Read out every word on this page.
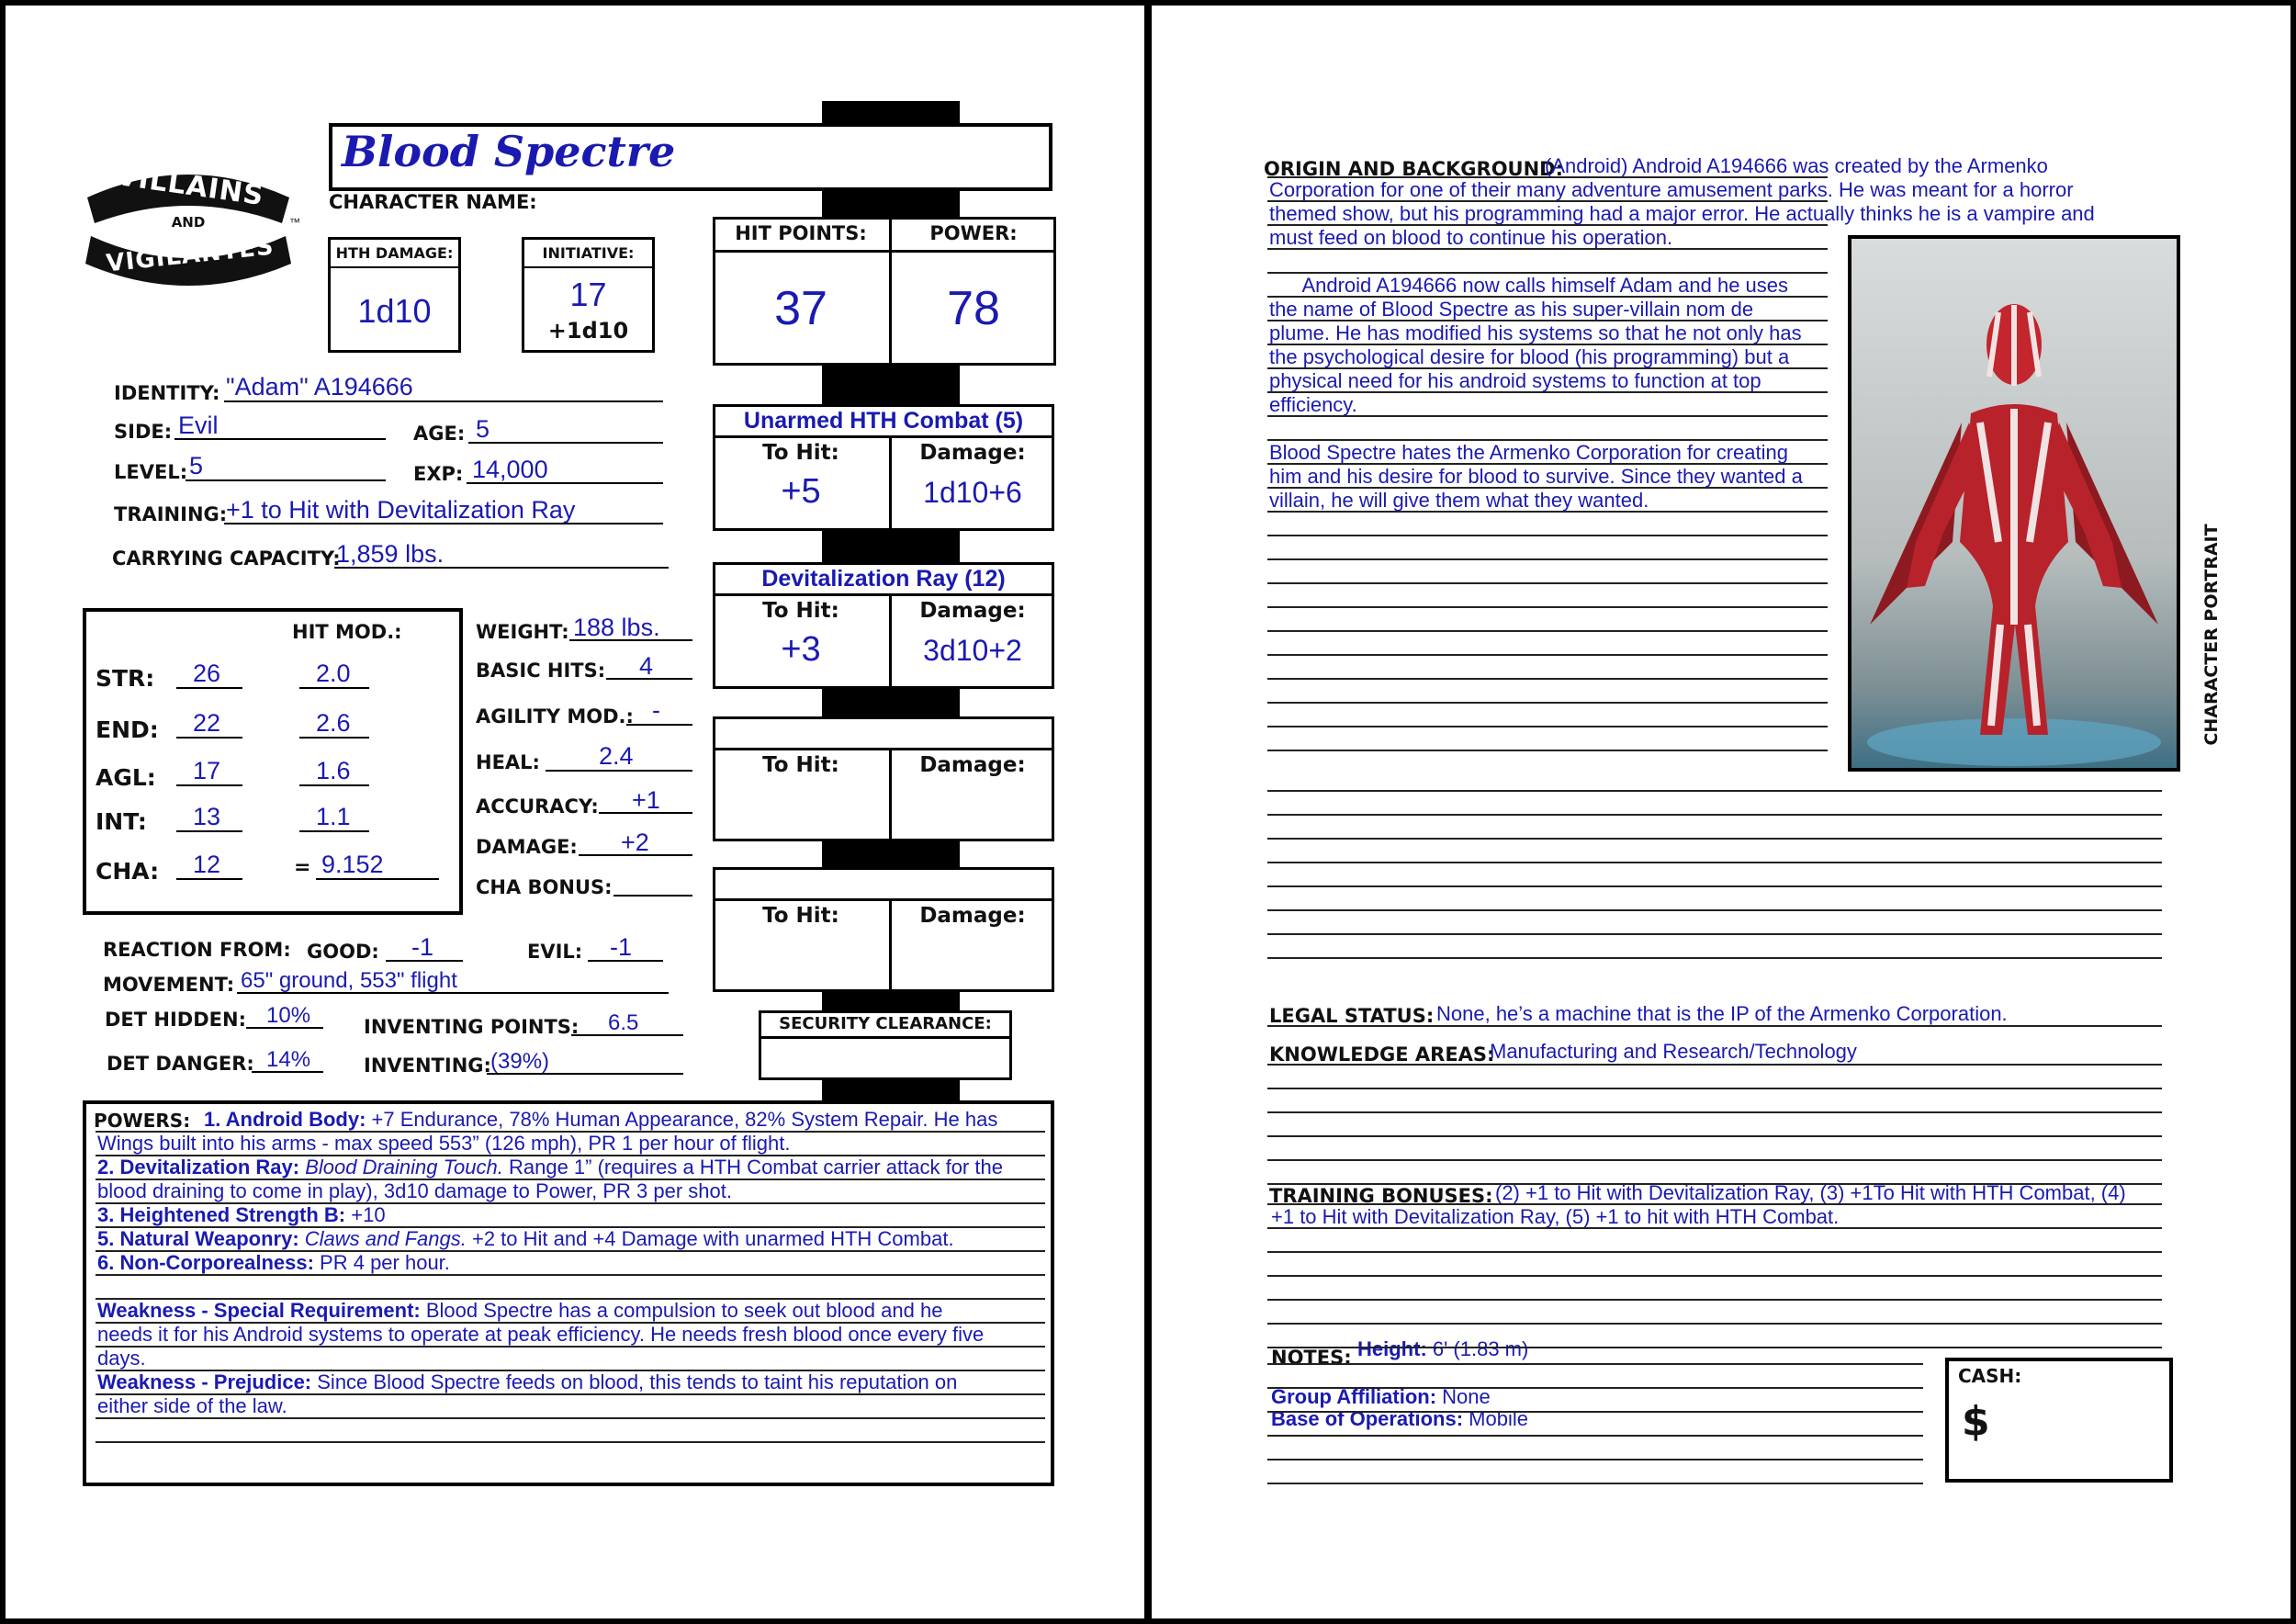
VILLAINS
AND
VIGILANTES
™
Blood Spectre
CHARACTER NAME:
HTH DAMAGE:
1d10
INITIATIVE:
17
+1d10
HIT POINTS:	POWER:
37	78
IDENTITY: "Adam" A194666
SIDE: Evil	AGE: 5
LEVEL: 5	EXP: 14,000
TRAINING:
+1 to Hit with Devitalization Ray
CARRYING CAPACITY:
1,859 lbs.
HIT MOD.:
STR: 26	2.0
END: 22	2.6
AGL: 17	1.6
INT: 13	1.1
CHA: 12	= 9.152
WEIGHT: 188 lbs.
BASIC HITS: 4
AGILITY MOD.: -
HEAL: 2.4
ACCURACY: +1
DAMAGE: +2
CHA BONUS:
REACTION FROM: GOOD: -1	EVIL: -1
MOVEMENT: 65" ground, 553" flight
DET HIDDEN: 10%	INVENTING POINTS: 6.5
DET DANGER: 14%	INVENTING: (39%)
Unarmed HTH Combat (5)
To Hit:	Damage:
+5	1d10+6
Devitalization Ray (12)
To Hit:	Damage:
+3	3d10+2
To Hit:	Damage:
To Hit:	Damage:
SECURITY CLEARANCE:
POWERS: 1. Android Body: +7 Endurance, 78% Human Appearance, 82% System Repair. He has
Wings built into his arms - max speed 553” (126 mph), PR 1 per hour of flight.
2. Devitalization Ray: Blood Draining Touch. Range 1” (requires a HTH Combat carrier attack for the
blood draining to come in play), 3d10 damage to Power, PR 3 per shot.
3. Heightened Strength B: +10
5. Natural Weaponry: Claws and Fangs. +2 to Hit and +4 Damage with unarmed HTH Combat.
6. Non-Corporealness: PR 4 per hour.
Weakness - Special Requirement: Blood Spectre has a compulsion to seek out blood and he
needs it for his Android systems to operate at peak efficiency. He needs fresh blood once every five
days.
Weakness - Prejudice: Since Blood Spectre feeds on blood, this tends to taint his reputation on
either side of the law.
ORIGIN AND BACKGROUND:
(Android) Android A194666 was created by the Armenko
Corporation for one of their many adventure amusement parks. He was meant for a horror
themed show, but his programming had a major error. He actually thinks he is a vampire and
must feed on blood to continue his operation.
Android A194666 now calls himself Adam and he uses
the name of Blood Spectre as his super-villain nom de
plume. He has modified his systems so that he not only has
the psychological desire for blood (his programming) but a
physical need for his android systems to function at top
efficiency.
Blood Spectre hates the Armenko Corporation for creating
him and his desire for blood to survive. Since they wanted a
villain, he will give them what they wanted.
CHARACTER PORTRAIT
LEGAL STATUS: None, he’s a machine that is the IP of the Armenko Corporation.
KNOWLEDGE AREAS:
Manufacturing and Research/Technology
TRAINING BONUSES: (2) +1 to Hit with Devitalization Ray, (3) +1To Hit with HTH Combat, (4)
+1 to Hit with Devitalization Ray, (5) +1 to hit with HTH Combat.
NOTES: Height: 6' (1.83 m)
Group Affiliation: None
Base of Operations: Mobile
CASH:
$
